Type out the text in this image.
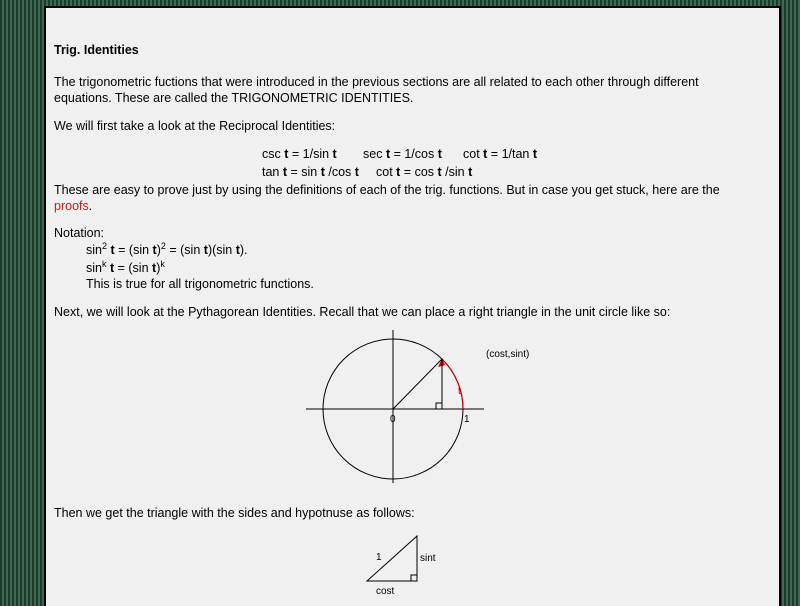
Trig. Identities
The trigonometric fuctions that were introduced in the previous sections are all related to each other through different
equations. These are called the TRIGONOMETRIC IDENTITIES.
We will first take a look at the Reciprocal Identities:
csc t = 1/sin t sec t = 1/cos t cot t = 1/tan t
tan t = sin t /cos t cot t = cos t /sin t
These are easy to prove just by using the definitions of each of the trig. functions. But in case you get stuck, here are the
proofs.
Notation:
$\sin^2 t = (\sin$ t)$^2$ = (sin t)(sin t).
$\sin^k t = (\sin$ t)$^k$
This is true for all trigonometric functions.
Next, we will look at the Pythagorean Identities. Recall that we can place a right triangle in the unit circle like so:
(cost,sint)
t
0	1
Then we get the triangle with the sides and hypotnuse as follows:
1	sint
cost
